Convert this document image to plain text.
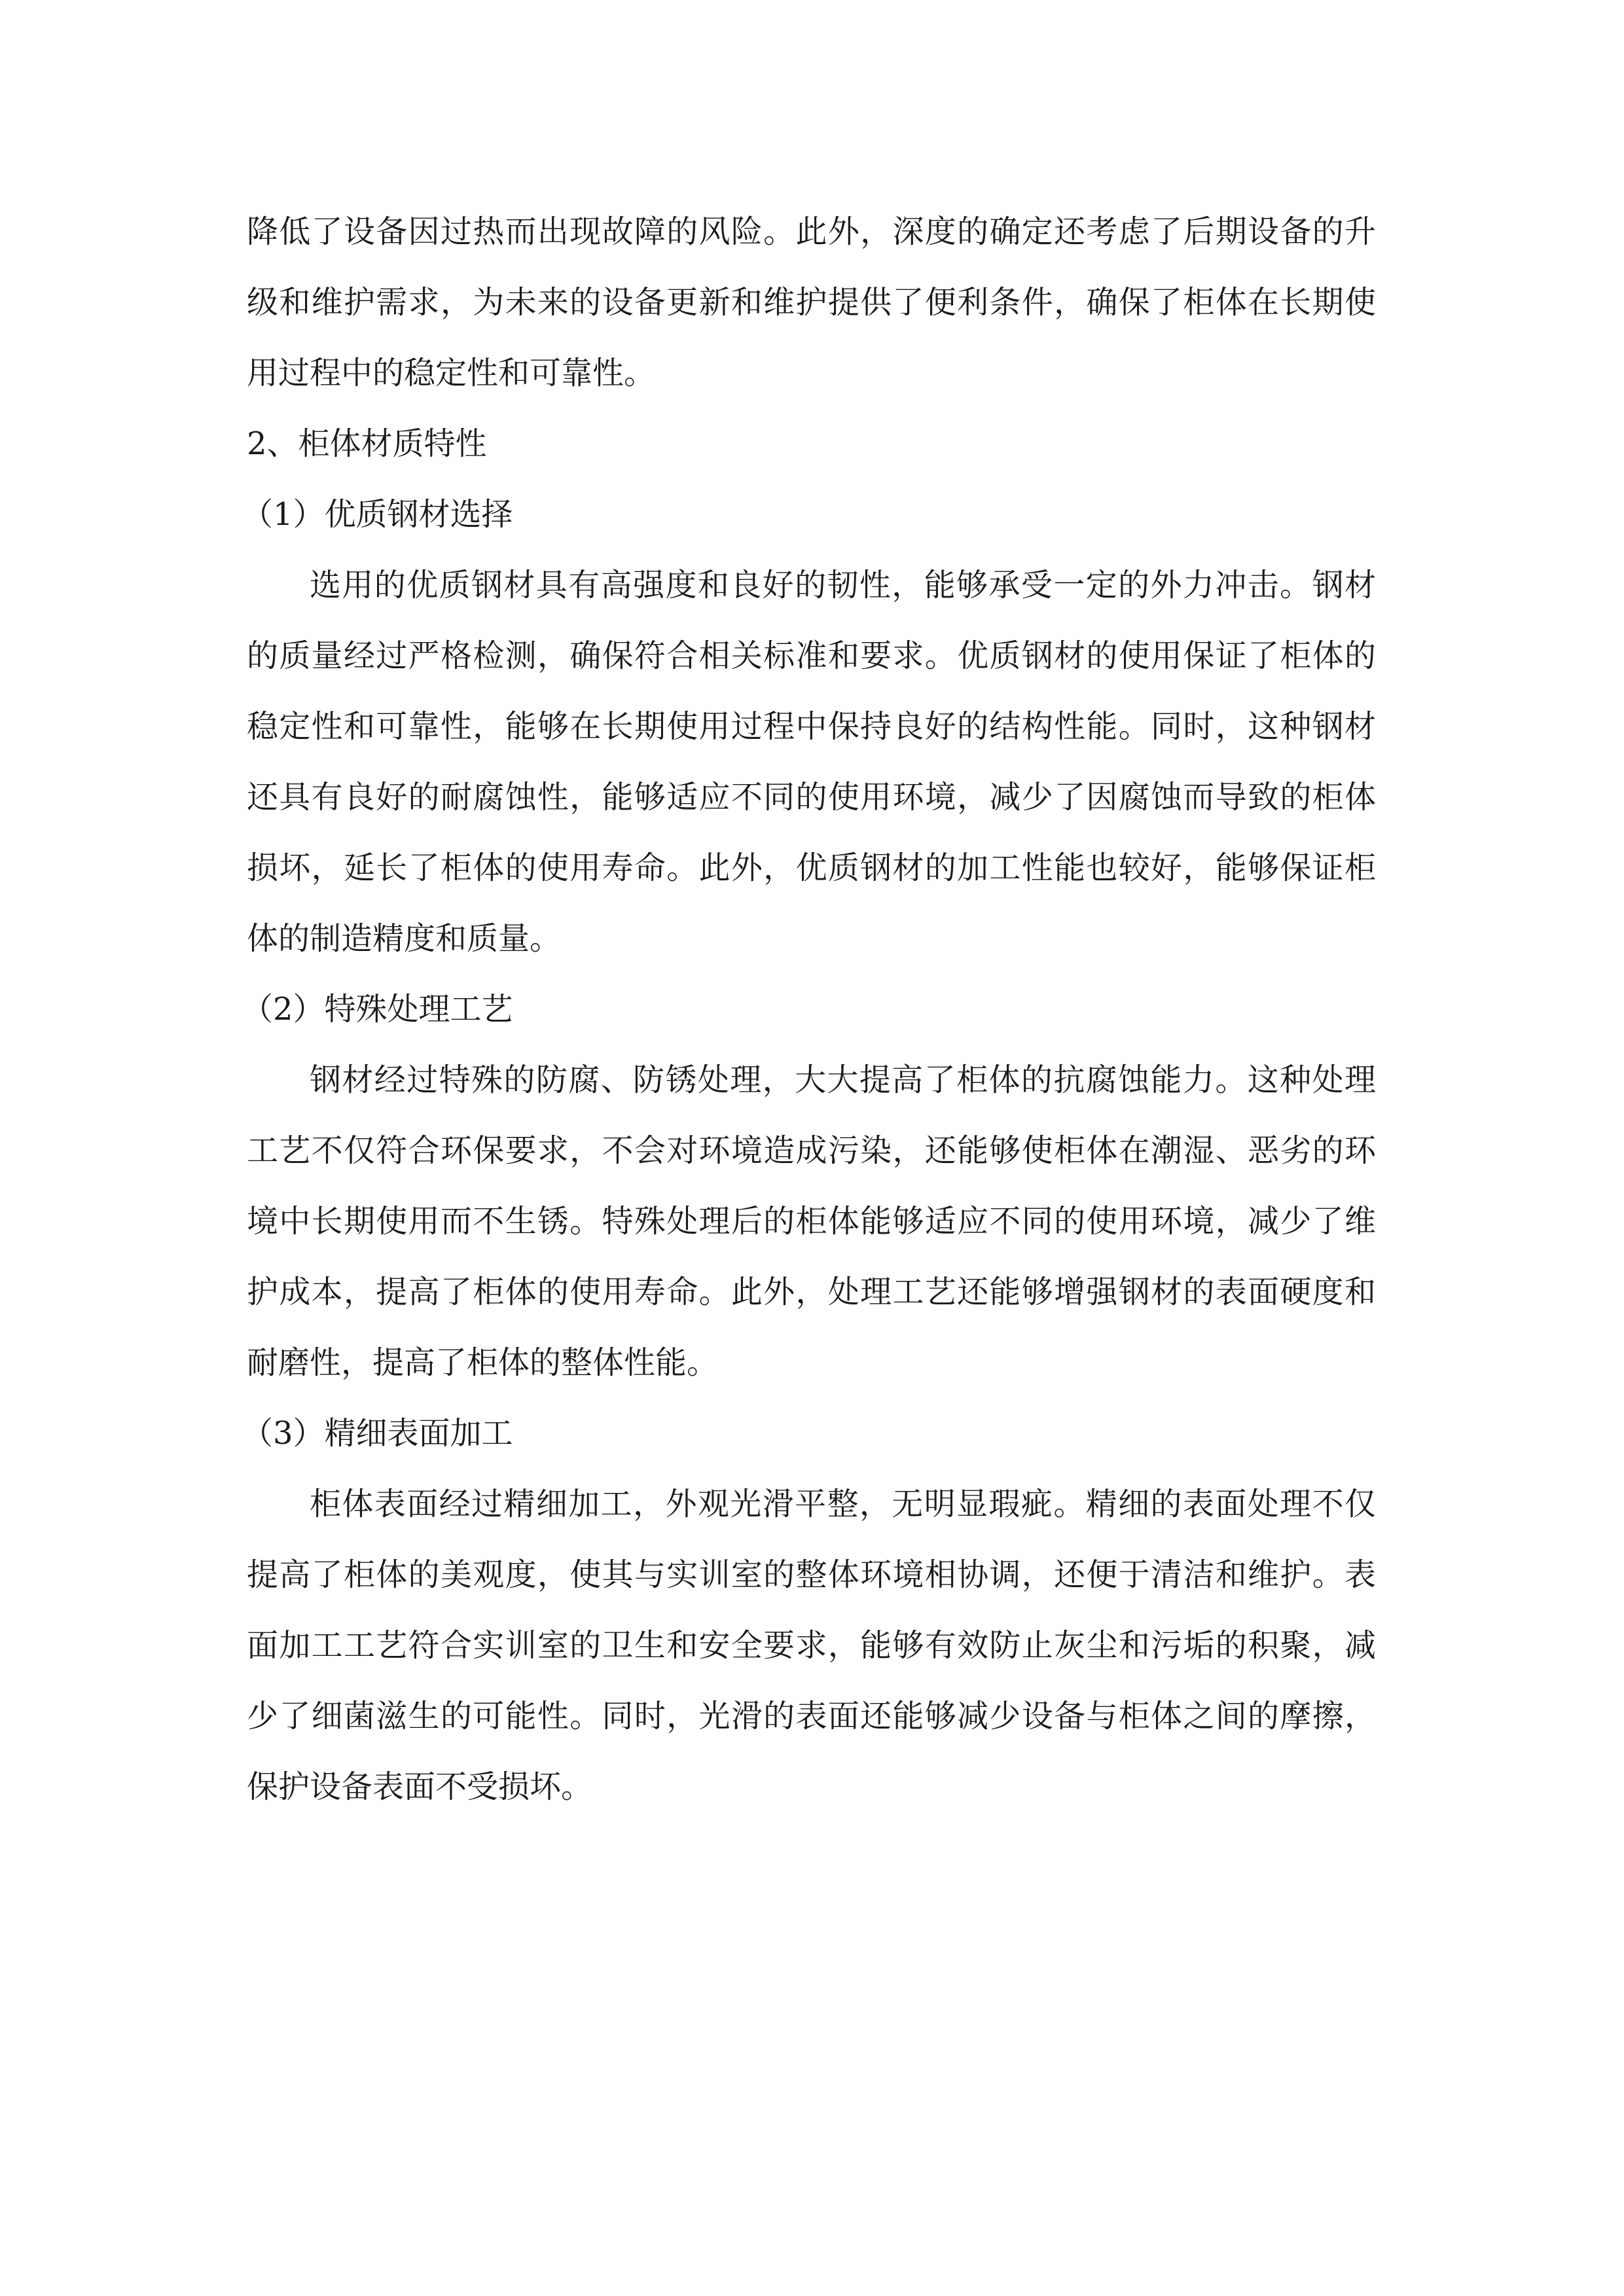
降低了设备因过热而出现故障的风险。此外，深度的确定还考虑了后期设备的升级和维护需求，为未来的设备更新和维护提供了便利条件，确保了柜体在长期使用过程中的稳定性和可靠性。

2、柜体材质特性

（1）优质钢材选择

选用的优质钢材具有高强度和良好的韧性，能够承受一定的外力冲击。钢材的质量经过严格检测，确保符合相关标准和要求。优质钢材的使用保证了柜体的稳定性和可靠性，能够在长期使用过程中保持良好的结构性能。同时，这种钢材还具有良好的耐腐蚀性，能够适应不同的使用环境，减少了因腐蚀而导致的柜体损坏，延长了柜体的使用寿命。此外，优质钢材的加工性能也较好，能够保证柜体的制造精度和质量。

（2）特殊处理工艺

钢材经过特殊的防腐、防锈处理，大大提高了柜体的抗腐蚀能力。这种处理工艺不仅符合环保要求，不会对环境造成污染，还能够使柜体在潮湿、恶劣的环境中长期使用而不生锈。特殊处理后的柜体能够适应不同的使用环境，减少了维护成本，提高了柜体的使用寿命。此外，处理工艺还能够增强钢材的表面硬度和耐磨性，提高了柜体的整体性能。

（3）精细表面加工

柜体表面经过精细加工，外观光滑平整，无明显瑕疵。精细的表面处理不仅提高了柜体的美观度，使其与实训室的整体环境相协调，还便于清洁和维护。表面加工工艺符合实训室的卫生和安全要求，能够有效防止灰尘和污垢的积聚，减少了细菌滋生的可能性。同时，光滑的表面还能够减少设备与柜体之间的摩擦，保护设备表面不受损坏。
